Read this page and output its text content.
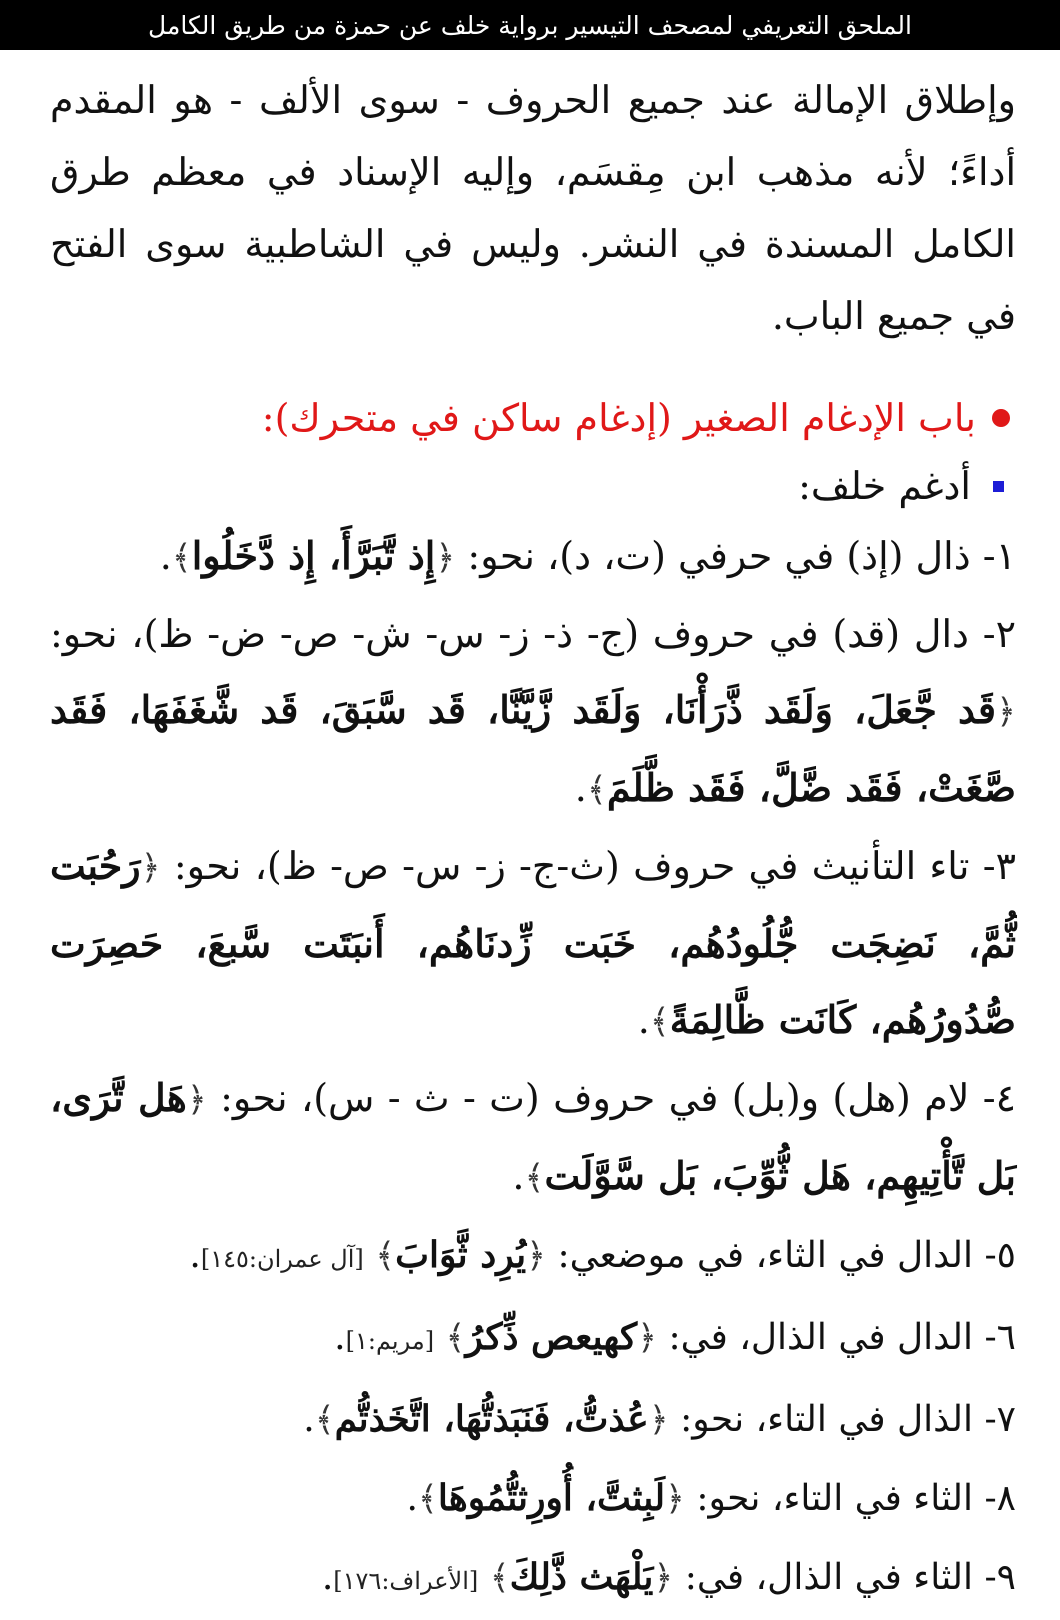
الملحق التعريفي لمصحف التيسير برواية خلف عن حمزة من طريق الكامل

وإطلاق الإمالة عند جميع الحروف - سوى الألف - هو المقدم أداءً؛ لأنه مذهب ابن مِقسَم، وإليه الإسناد في معظم طرق الكامل المسندة في النشر. وليس في الشاطبية سوى الفتح في جميع الباب.

باب الإدغام الصغير (إدغام ساكن في متحرك):
أدغم خلف:

١- ذال (إذ) في حرفي (ت، د)، نحو: ﴿إِذ تَّبَرَّأَ، إِذ دَّخَلُوا﴾.

٢- دال (قد) في حروف (ج- ذ- ز- س- ش- ص- ض- ظ)، نحو: ﴿قَد جَّعَلَ، وَلَقَد ذَّرَأْنَا، وَلَقَد زَّيَّنَّا، قَد سَّبَقَ، قَد شَّغَفَهَا، فَقَد صَّغَتْ، فَقَد ضَّلَّ، فَقَد ظَّلَمَ﴾.

٣- تاء التأنيث في حروف (ث-ج- ز- س- ص- ظ)، نحو: ﴿رَحُبَت ثُّمَّ، نَضِجَت جُّلُودُهُم، خَبَت زِّدنَاهُم، أَنبَتَت سَّبعَ، حَصِرَت صُّدُورُهُم، كَانَت ظَّالِمَةً﴾.

٤- لام (هل) و(بل) في حروف (ت - ث - س)، نحو: ﴿هَل تَّرَى، بَل تَّأْتِيهِم، هَل ثُّوِّبَ، بَل سَّوَّلَت﴾.

٥- الدال في الثاء، في موضعي: ﴿يُرِد ثَّوَابَ﴾ [آل عمران:١٤٥].

٦- الدال في الذال، في: ﴿كهيعص ذِّكرُ﴾ [مريم:١].

٧- الذال في التاء، نحو: ﴿عُذتُّ، فَنَبَذتُّهَا، اتَّخَذتُّم﴾.

٨- الثاء في التاء، نحو: ﴿لَبِثتَّ، أُورِثتُّمُوهَا﴾.

٩- الثاء في الذال، في: ﴿يَلْهَث ذَّلِكَ﴾ [الأعراف:١٧٦].
